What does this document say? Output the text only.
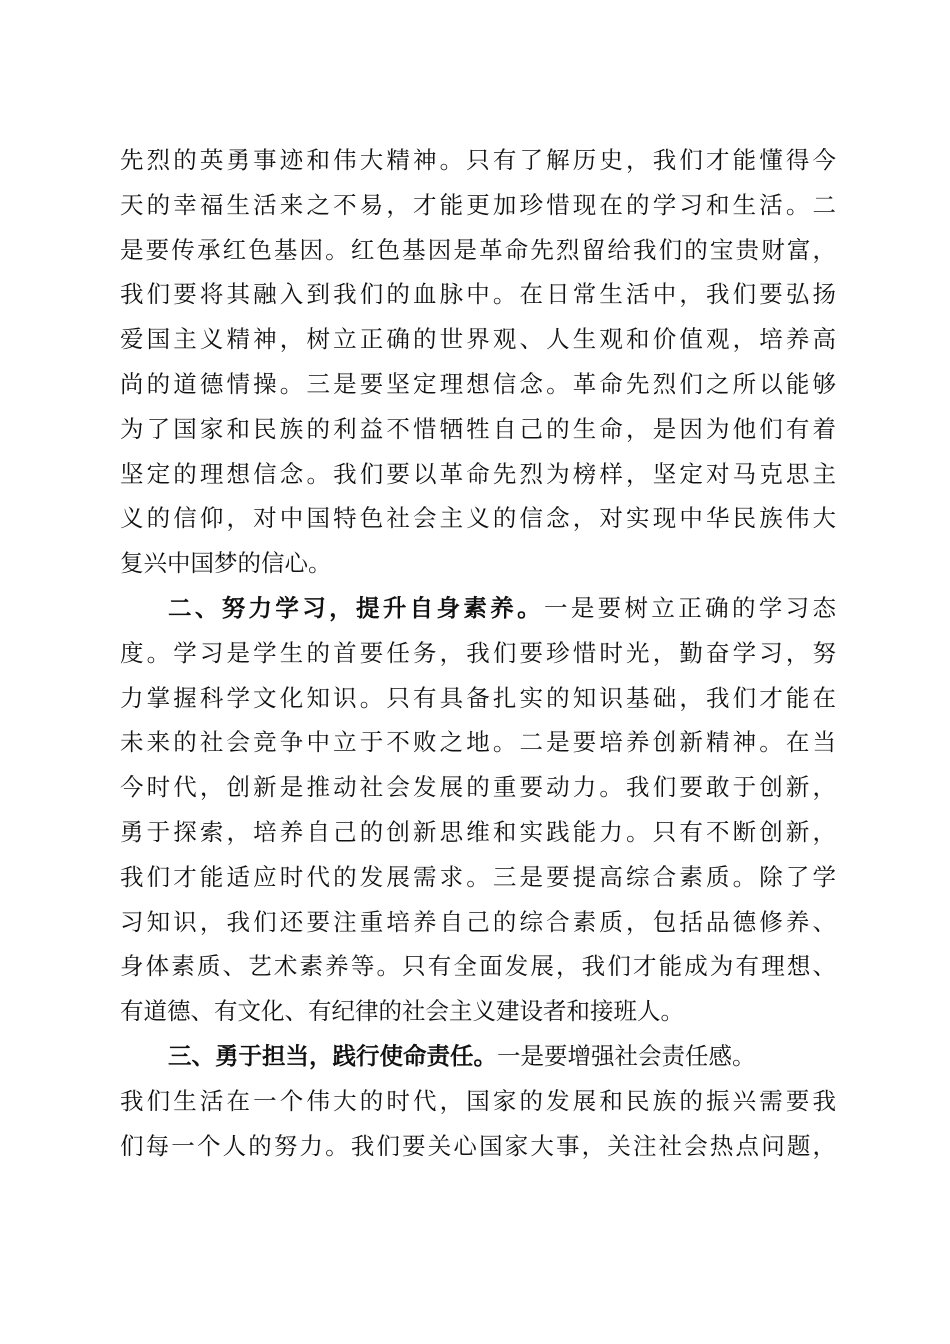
先烈的英勇事迹和伟大精神。只有了解历史，我们才能懂得今
天的幸福生活来之不易，才能更加珍惜现在的学习和生活。二
是要传承红色基因。红色基因是革命先烈留给我们的宝贵财富，
我们要将其融入到我们的血脉中。在日常生活中，我们要弘扬
爱国主义精神，树立正确的世界观、人生观和价值观，培养高
尚的道德情操。三是要坚定理想信念。革命先烈们之所以能够
为了国家和民族的利益不惜牺牲自己的生命，是因为他们有着
坚定的理想信念。我们要以革命先烈为榜样，坚定对马克思主
义的信仰，对中国特色社会主义的信念，对实现中华民族伟大
复兴中国梦的信心。
二、努力学习，提升自身素养。一是要树立正确的学习态
度。学习是学生的首要任务，我们要珍惜时光，勤奋学习，努
力掌握科学文化知识。只有具备扎实的知识基础，我们才能在
未来的社会竞争中立于不败之地。二是要培养创新精神。在当
今时代，创新是推动社会发展的重要动力。我们要敢于创新，
勇于探索，培养自己的创新思维和实践能力。只有不断创新，
我们才能适应时代的发展需求。三是要提高综合素质。除了学
习知识，我们还要注重培养自己的综合素质，包括品德修养、
身体素质、艺术素养等。只有全面发展，我们才能成为有理想、
有道德、有文化、有纪律的社会主义建设者和接班人。
三、勇于担当，践行使命责任。一是要增强社会责任感。
我们生活在一个伟大的时代，国家的发展和民族的振兴需要我
们每一个人的努力。我们要关心国家大事，关注社会热点问题，
